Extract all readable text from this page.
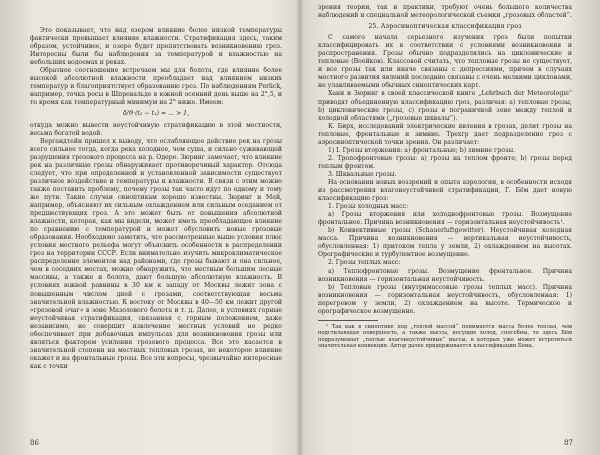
Это показывает, что над озером влияние более низкой температуры фактически превышает влияние влажности. Стратификация здесь, таким образом, устойчивее, и озеро будет препятствовать возникновению гроз. Интересны были бы наблюдения за температурой и влажностью на небольших водоемах и реках.

Обратное соотношение встречаем мы для болота, где влияние более высокой абсолютной влажности преобладает над влиянием низких температур и благоприятствует образованию гроз. По наблюдениям Perlick, например, точка росы в Шпревальде в южной осенний день выше на 2°,5, и то время как температурный минимум на 2° ниже. Имеем:

δ/ϑ·(t₂ − t₁) = ... > 1,

откуда можно вывести неустойчивую стратификацию в этой местности, весьма богатой водой.

Вергандтейн пришел к выводу, что ослабляющее действие рек на грозы всего сильнее тогда, когда река холоднее, чем суша, и сильно суживающей разрушения грозового процесса на р. Одере. Зюринг замечает, что влияние рек на различные грозы обнаруживает противоречивый характер. Отсюда следует, что при определенной и установленной зависимости существует различное воздействие и температуры и влажности. В связи с этим можно также поставить проблему, почему грозы так часто идут по одному и тому же пути. Такие случаи синоптикам хорошо известны. Зюринг и Мей, например, объясняют их сильным охлаждением или сильным оседанием от предшествующих гроз. А это может быть от повышения абсолютной влажности, которая, как мы видели, может иметь преобладающее влияние по сравнению с температурой и может обусловить новые грозовые образования. Необходимо заметить, что рассмотренные выше условия плюс условия местного рельефа могут объяснить особенности в распределении гроз на территории СССР. Если внимательно изучить микроклиматическое распределение элементов над районами, где грозы бывают и она сильнее, чем в соседних местах, можно обнаружить, что местным большим лесные массивы, а также и болота, дают большую абсолютную влажность. В условиях южной равнины в 30 км к западу от Москвы лежит зона с повышенным числом дней с грозами, соответствующая весьма значительной влажностью. К востоку от Москвы в 40—50 км лежит другой «грозовой очаг» в зоне Мазолового болота и т. д. Далее, в условиях горные неустойчивая стратификация, связанная с горным положением, даже независимо, но совершит извлечение местных условий не редко обеспечивает при добавочных импульсах для возникновения грозы или являться фактором усиления грозового процесса. Все это касается в значительной степени на местных тепловых грозах, но некоторое влияние окажет и на фронтальные грозы. Все эти вопросы, чрезвычайно интересные как с точки

86	87

зрения теории, так и практики, требуют очень большого количества наблюдений и специальной метеорологической съемки „грозовых областей“.

25. Аэросиноптическая классификация гроз

С самого начала серьезного изучения гроз были попытки классифицировать их в соответствии с условиями возникновения и распространения. Грозы обычно подразделялись на циклонические и тепловые (Воейков). Классовой считать, что тепловые грозы не существует, и все грозы так или иначе связаны с депрессиями, причем в случаях местного развития явлений последние связаны с очень мелкими циклонами, не улавливаемыми обычных синоптических карт.

Хани и Зюринг в своей классической книге „Lehrbuch der Meteorologie“ приводят объединенную классификацию гроз, различая: а) тепловые грозы, b) циклонические грозы, с) грозы в пограничной зоне между теплой и холодной областями („грозовые шквалы“).

К. Бирх, исследований электрические явления в грозах, делит грозы на тепловые, фронтальные и зимние. Трехгр дает подразделение гроз с аэросиноптической точки зрения. Он различает:

1) I. Грозы вторжения: а) фронтальные; b) зимние грозы.

2. Тропофронтовые грозы: а) грозы на теплом фронте; b) грозы перед теплым фронтом.

3. Шквальные грозы.

На основании новых воззрений и опыта аэрологии, в особенности исходя из рассмотрения влагонеустойчивой стратификации, Г. Бём дает новую классификацию гроз:

1. Грозы холодных масс:

а) Грозы вторжения или холоднофронтовые грозы. Возмущение фронтальное. Причина возникновения — горизонтальная неустойчивость¹.

b) Конвективные грозы (Schauerluftgewitter). Неустойчивая холодная масса. Причина возникновения — вертикальная неустойчивость, обусловленная: 1) притоком тепла у земли, 2) охлаждением на высотах. Орографические и турбулентное возмущение.

2. Грозы теплых масс:

а) Теплофронтовые грозы. Возмущение фронтальное. Причина возникновения — горизонтальная неустойчивость.

b) Тепловые грозы (внутримассовые грозы теплых масс). Причина возникновения — горизонтальная неустойчивость, обусловленная: 1) перегревом у земли, 2) охлаждением на высоте. Термическое и орографическое возмущение.

¹ Так как в синоптике под „теплой массой“ понимается масса более теплая, чем подстилающая поверхность, а также массы, несущие холод, способны, то здесь Бём подразумевает „теплые влагонеустойчивые“ массы, в которых уже может встретиться значительная конвекция. Автор далее придерживается классификации Бема.
